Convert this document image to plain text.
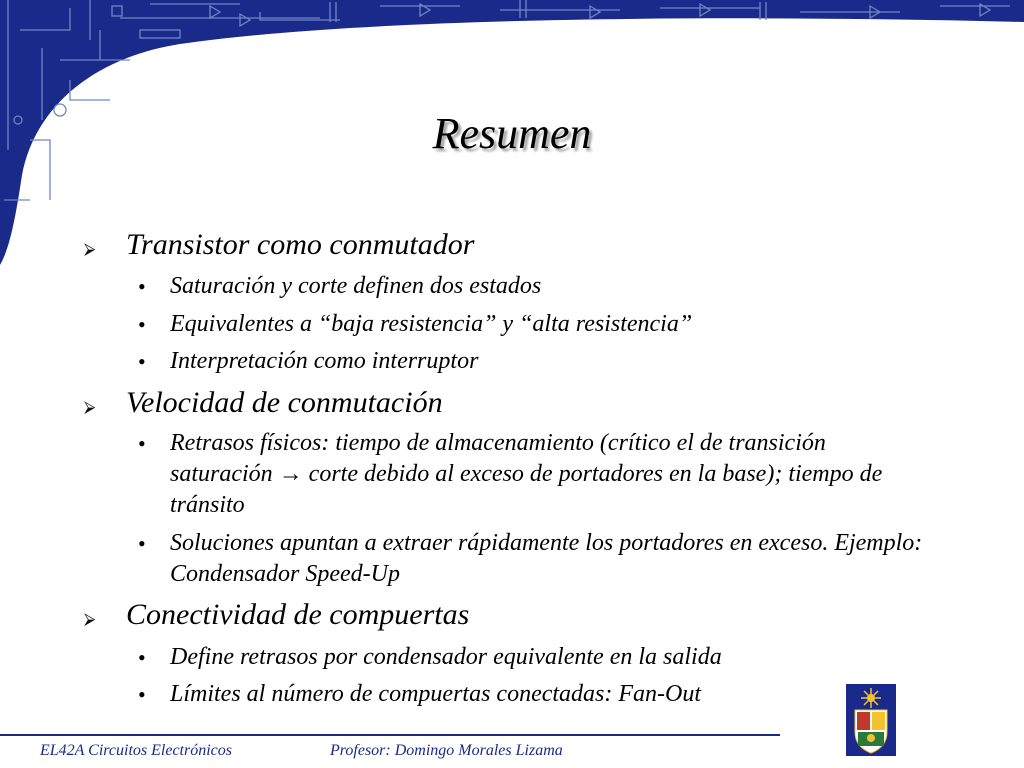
Resumen
⮚	Transistor como conmutador
•	Saturación y corte definen dos estados
•	Equivalentes a “baja resistencia” y “alta resistencia”
•	Interpretación como interruptor
⮚	Velocidad de conmutación
•	Retrasos físicos: tiempo de almacenamiento (crítico el de transición saturación → corte debido al exceso de portadores en la base); tiempo de tránsito
•	Soluciones apuntan a extraer rápidamente los portadores en exceso. Ejemplo: Condensador Speed-Up
⮚	Conectividad de compuertas
•	Define retrasos por condensador equivalente en la salida
•	Límites al número de compuertas conectadas: Fan-Out
EL42A Circuitos Electrónicos	Profesor: Domingo Morales Lizama
